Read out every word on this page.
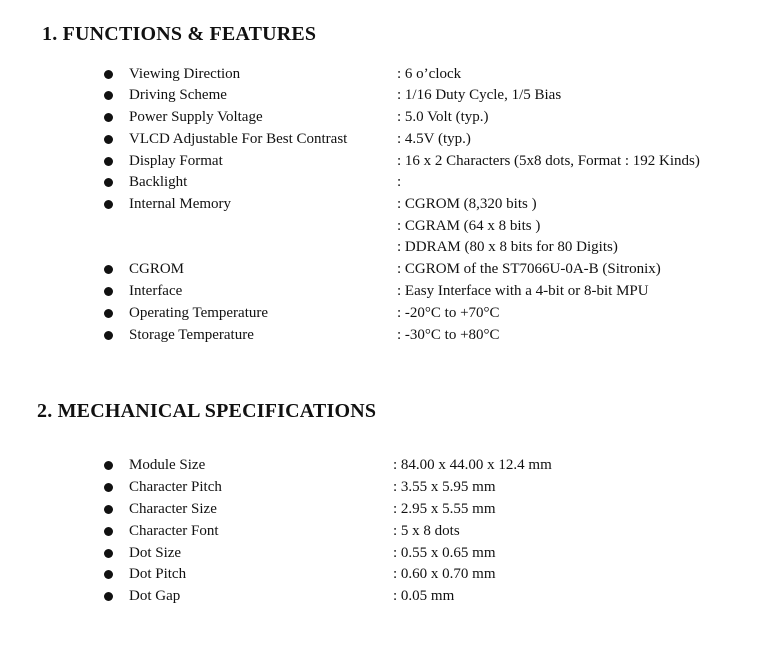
1. FUNCTIONS & FEATURES
Viewing Direction	: 6 o’clock
Driving Scheme	: 1/16 Duty Cycle, 1/5 Bias
Power Supply Voltage	: 5.0 Volt (typ.)
VLCD Adjustable For Best Contrast	: 4.5V (typ.)
Display Format	: 16 x 2 Characters (5x8 dots, Format : 192 Kinds)
Backlight	:
Internal Memory	: CGROM (8,320 bits )
: CGRAM (64 x 8 bits )
: DDRAM (80 x 8 bits for 80 Digits)
CGROM	: CGROM of the ST7066U-0A-B (Sitronix)
Interface	: Easy Interface with a 4-bit or 8-bit MPU
Operating Temperature	: -20°C to +70°C
Storage Temperature	: -30°C to +80°C
2. MECHANICAL SPECIFICATIONS
Module Size	: 84.00 x 44.00 x 12.4 mm
Character Pitch	: 3.55 x 5.95 mm
Character Size	: 2.95 x 5.55 mm
Character Font	: 5 x 8 dots
Dot Size	: 0.55 x 0.65 mm
Dot Pitch	: 0.60 x 0.70 mm
Dot Gap	: 0.05 mm
